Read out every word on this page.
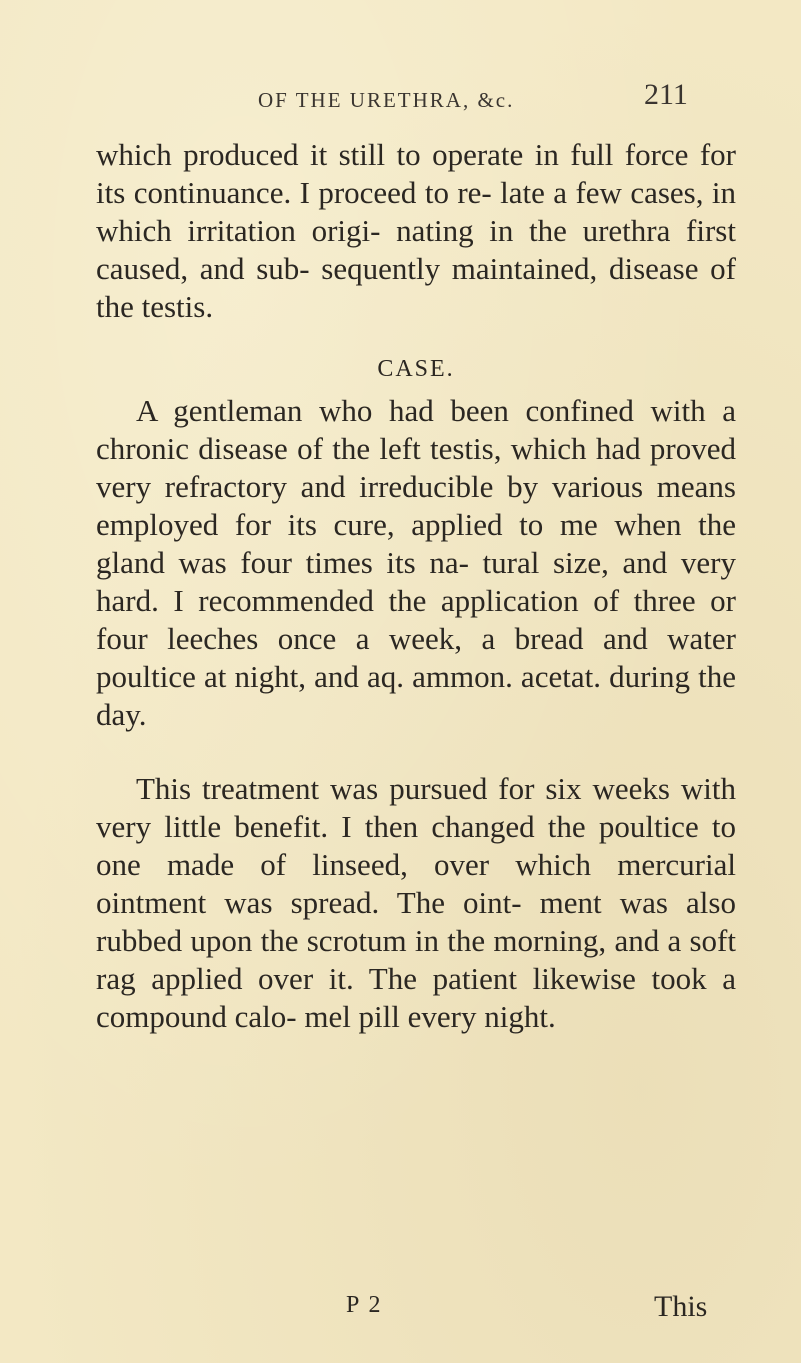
OF THE URETHRA, &c.	211

which produced it still to operate in full force for its continuance. I proceed to re- late a few cases, in which irritation origi- nating in the urethra first caused, and sub- sequently maintained, disease of the testis.

CASE.

A gentleman who had been confined with a chronic disease of the left testis, which had proved very refractory and irreducible by various means employed for its cure, applied to me when the gland was four times its na- tural size, and very hard. I recommended the application of three or four leeches once a week, a bread and water poultice at night, and aq. ammon. acetat. during the day.

This treatment was pursued for six weeks with very little benefit. I then changed the poultice to one made of linseed, over which mercurial ointment was spread. The oint- ment was also rubbed upon the scrotum in the morning, and a soft rag applied over it. The patient likewise took a compound calo- mel pill every night.

P 2	This
